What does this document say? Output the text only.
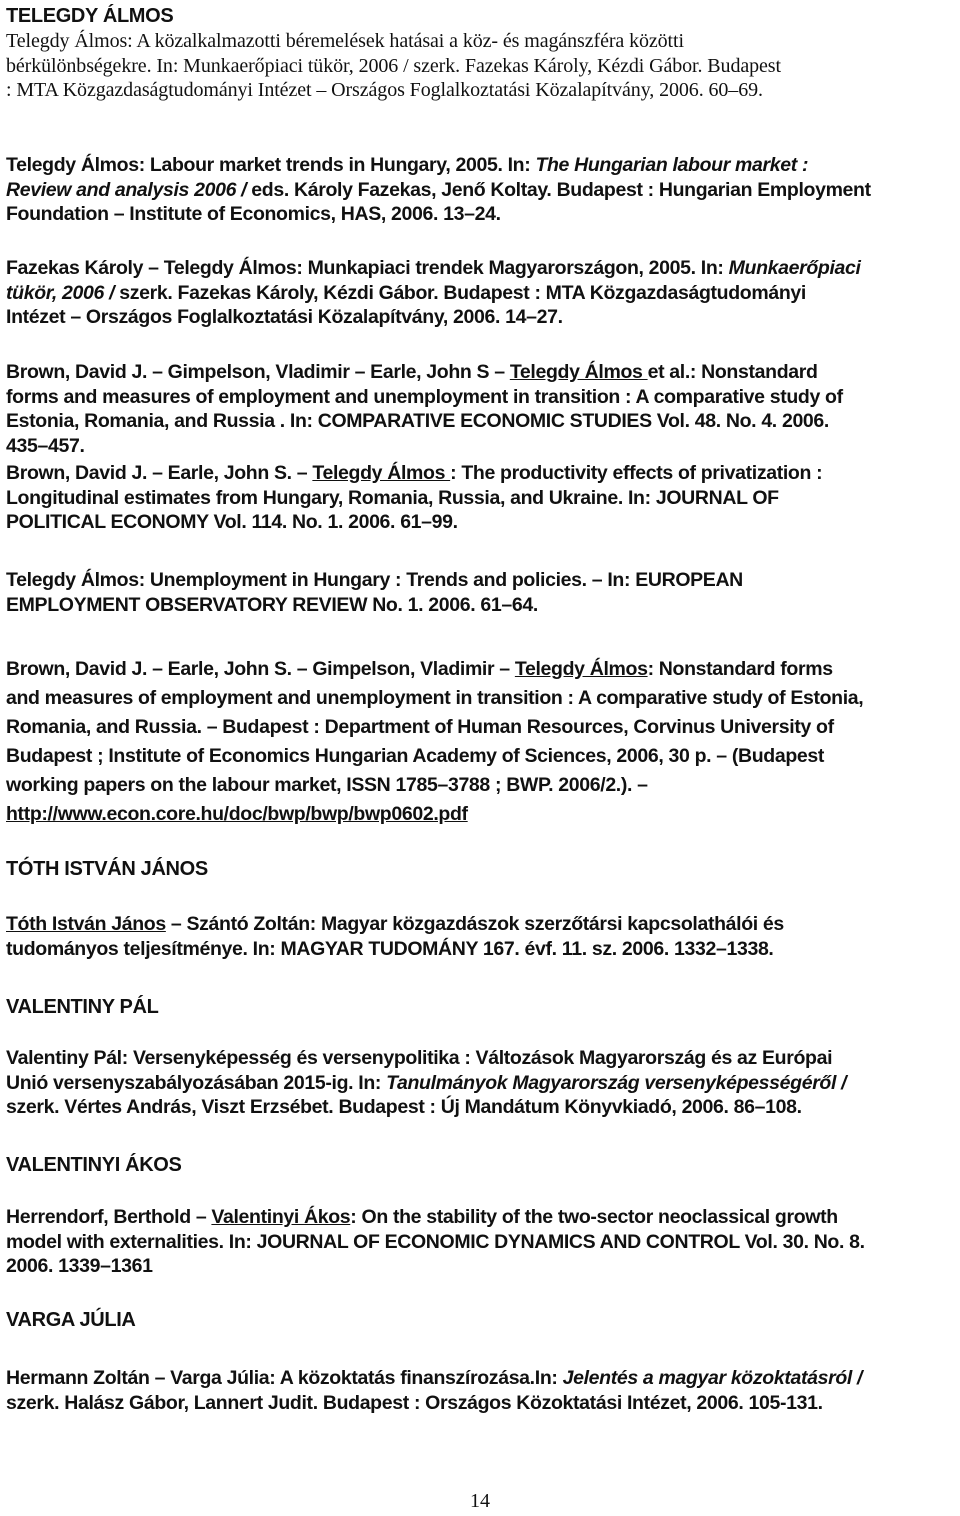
TELEGDY ÁLMOS
Telegdy Álmos: A közalkalmazotti béremelések hatásai a köz- és magánszféra közötti
bérkülönbségekre. In: Munkaerőpiaci tükör, 2006 / szerk. Fazekas Károly, Kézdi Gábor. Budapest
: MTA Közgazdaságtudományi Intézet – Országos Foglalkoztatási Közalapítvány, 2006. 60–69.
Telegdy Álmos: Labour market trends in Hungary, 2005. In: The Hungarian labour market :
Review and analysis 2006 / eds. Károly Fazekas, Jenő Koltay. Budapest : Hungarian Employment
Foundation – Institute of Economics, HAS, 2006. 13–24.
Fazekas Károly – Telegdy Álmos: Munkapiaci trendek Magyarországon, 2005. In: Munkaerőpiaci
tükör, 2006 / szerk. Fazekas Károly, Kézdi Gábor. Budapest : MTA Közgazdaságtudományi
Intézet – Országos Foglalkoztatási Közalapítvány, 2006. 14–27.
Brown, David J. – Gimpelson, Vladimir – Earle, John S – Telegdy Álmos et al.: Nonstandard
forms and measures of employment and unemployment in transition : A comparative study of
Estonia, Romania, and Russia . In: COMPARATIVE ECONOMIC STUDIES Vol. 48. No. 4. 2006.
435–457.
Brown, David J. – Earle, John S. – Telegdy Álmos : The productivity effects of privatization :
Longitudinal estimates from Hungary, Romania, Russia, and Ukraine. In: JOURNAL OF
POLITICAL ECONOMY Vol. 114. No. 1. 2006. 61–99.
Telegdy Álmos: Unemployment in Hungary : Trends and policies. – In: EUROPEAN
EMPLOYMENT OBSERVATORY REVIEW No. 1. 2006. 61–64.
Brown, David J. – Earle, John S. – Gimpelson, Vladimir – Telegdy Álmos: Nonstandard forms
and measures of employment and unemployment in transition : A comparative study of Estonia,
Romania, and Russia. – Budapest : Department of Human Resources, Corvinus University of
Budapest ; Institute of Economics Hungarian Academy of Sciences, 2006, 30 p. – (Budapest
working papers on the labour market, ISSN 1785–3788 ; BWP. 2006/2.). –
http://www.econ.core.hu/doc/bwp/bwp/bwp0602.pdf
TÓTH ISTVÁN JÁNOS
Tóth István János – Szántó Zoltán: Magyar közgazdászok szerzőtársi kapcsolathálói és
tudományos teljesítménye. In: MAGYAR TUDOMÁNY 167. évf. 11. sz. 2006. 1332–1338.
VALENTINY PÁL
Valentiny Pál: Versenyképesség és versenypolitika : Változások Magyarország és az Európai
Unió versenyszabályozásában 2015-ig. In: Tanulmányok Magyarország versenyképességéről /
szerk. Vértes András, Viszt Erzsébet. Budapest : Új Mandátum Könyvkiadó, 2006. 86–108.
VALENTINYI ÁKOS
Herrendorf, Berthold – Valentinyi Ákos: On the stability of the two-sector neoclassical growth
model with externalities. In: JOURNAL OF ECONOMIC DYNAMICS AND CONTROL Vol. 30. No. 8.
2006. 1339–1361
VARGA JÚLIA
Hermann Zoltán – Varga Júlia: A közoktatás finanszírozása.In: Jelentés a magyar közoktatásról /
szerk. Halász Gábor, Lannert Judit. Budapest : Országos Közoktatási Intézet, 2006. 105-131.
14
